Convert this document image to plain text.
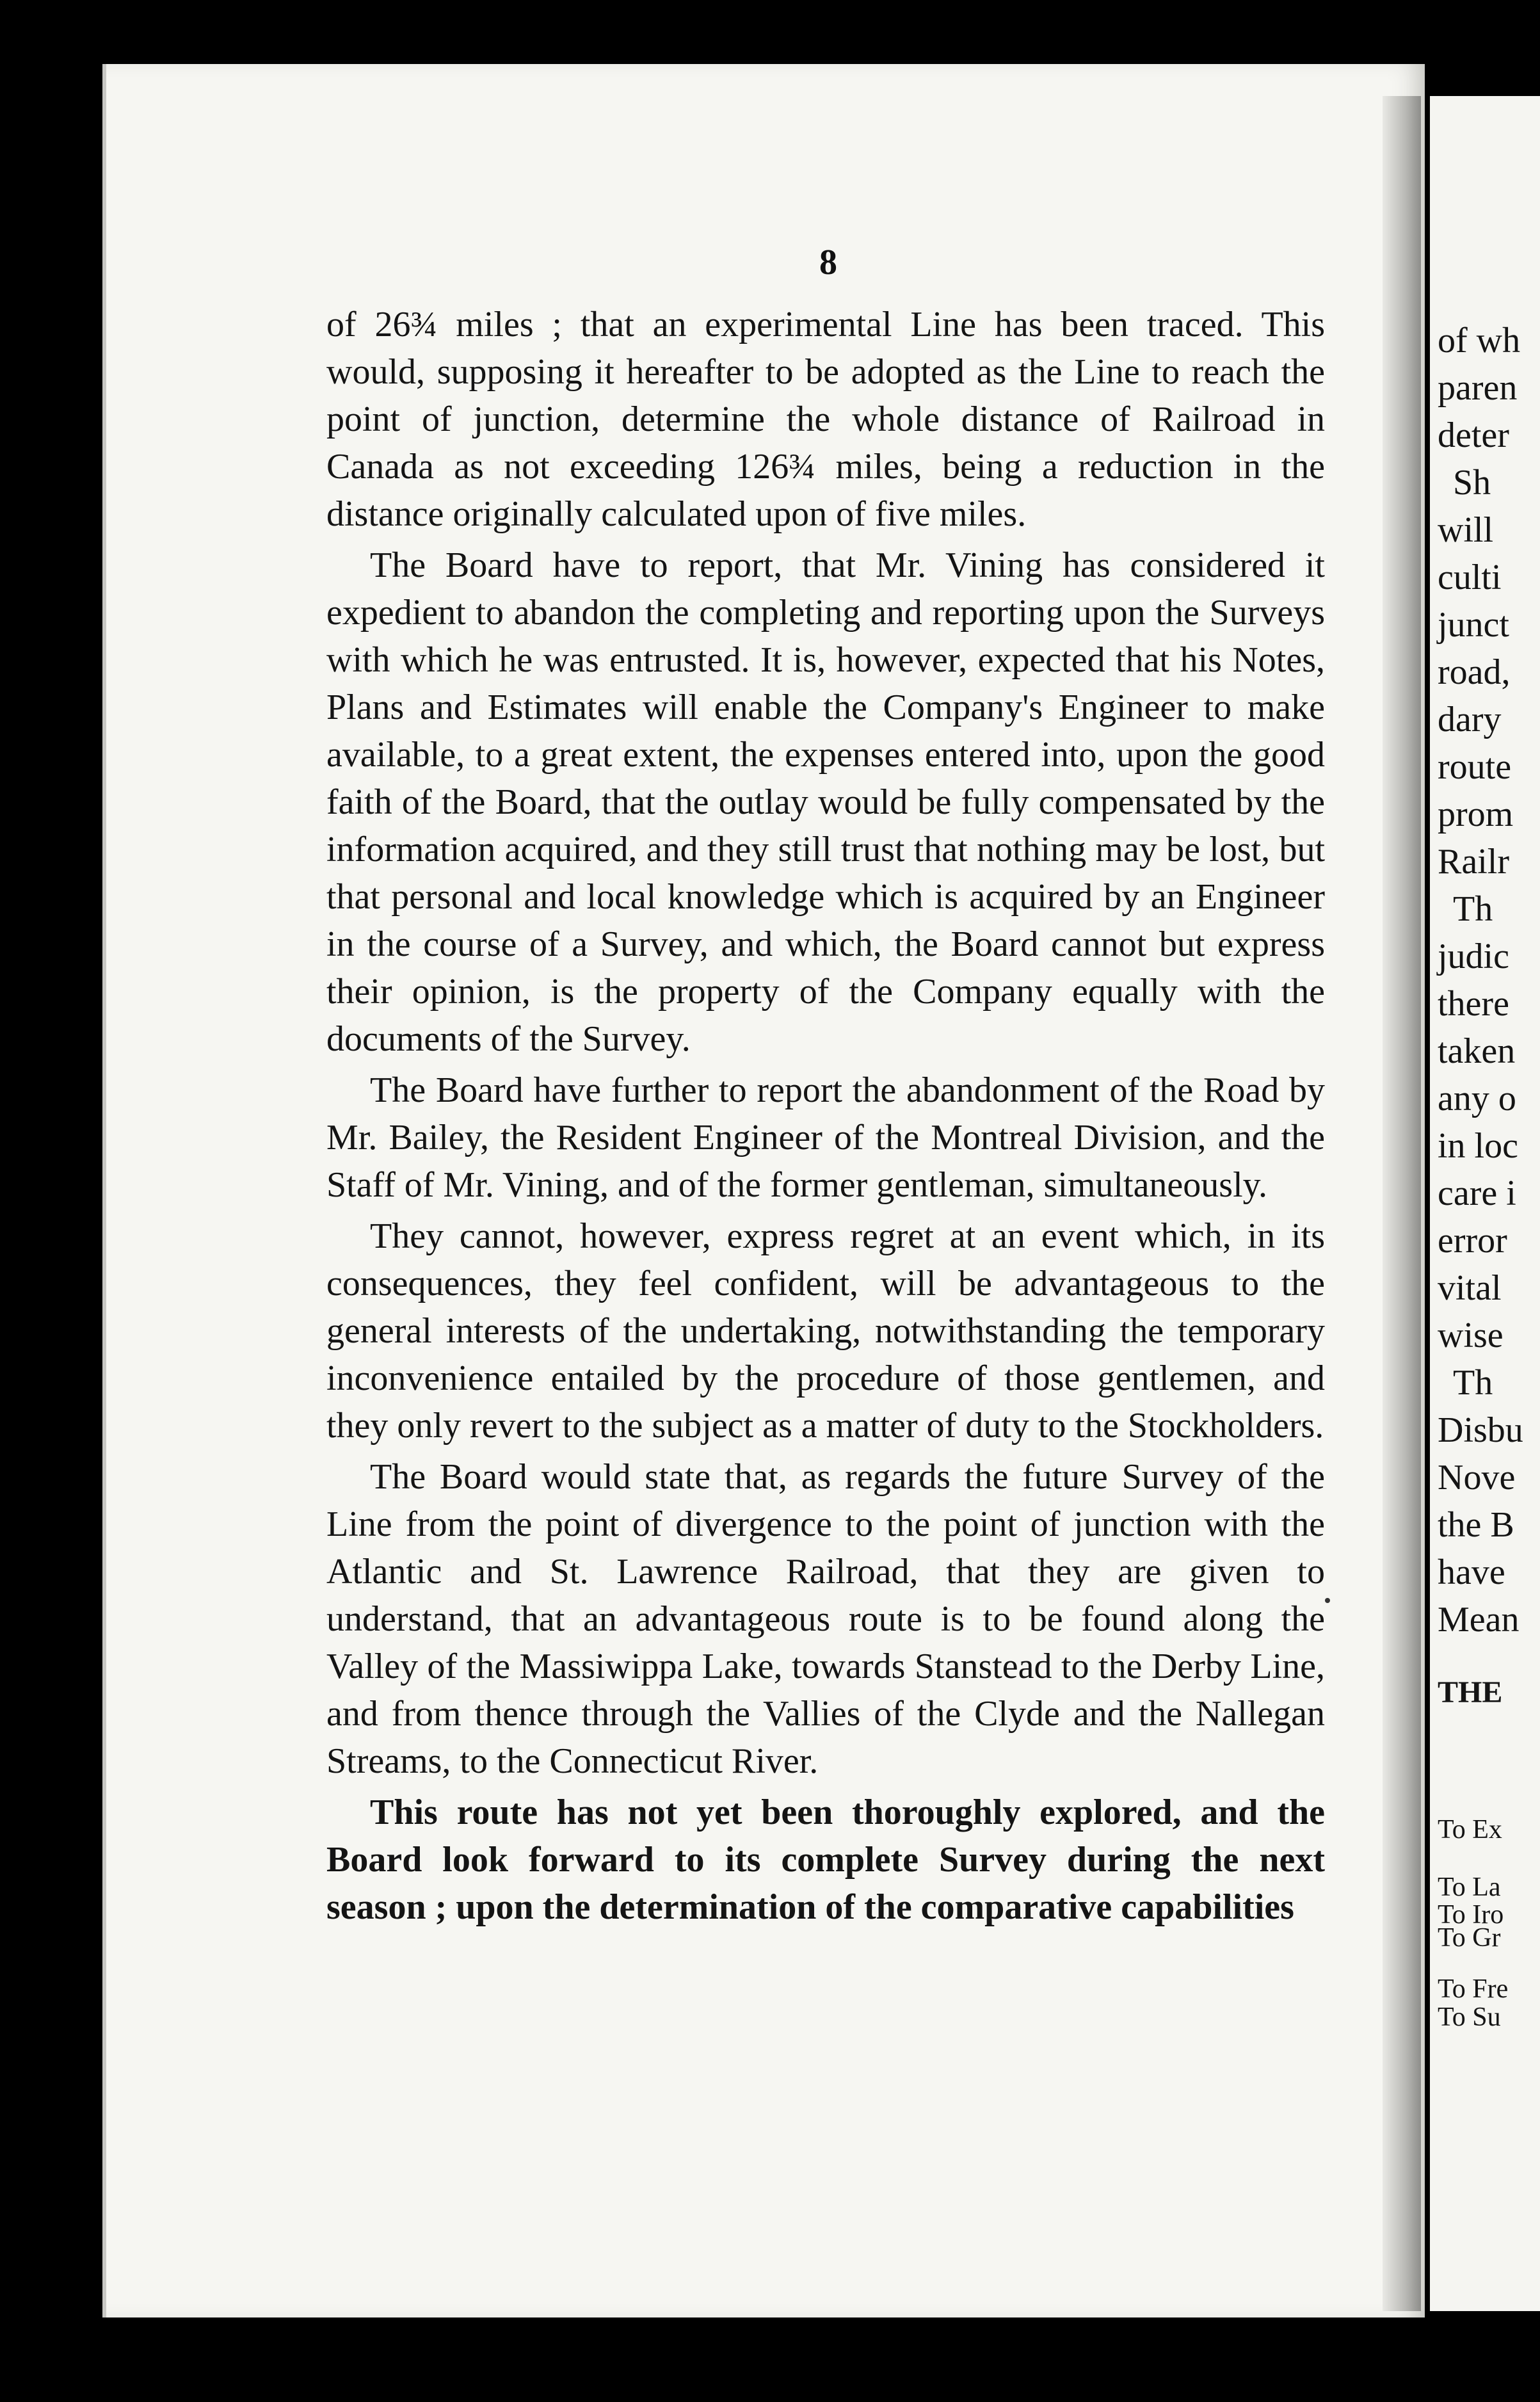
of wh
paren
deter
Sh
will
culti
junct
road,
dary
route
prom
Railr
Th
judic
there
taken
any o
in loc
care i
error
vital
wise
Th
Disbu
Nove
the B
have
Mean
THE
To Ex
To La
To Iro
To Gr
To Fre
To Su
8

of 26¾ miles ; that an experimental Line has been traced. This would, supposing it hereafter to be adopted as the Line to reach the point of junction, determine the whole distance of Railroad in Canada as not exceeding 126¾ miles, being a reduction in the distance originally calculated upon of five miles.

The Board have to report, that Mr. Vining has considered it expedient to abandon the completing and reporting upon the Surveys with which he was entrusted. It is, however, expected that his Notes, Plans and Estimates will enable the Company's Engineer to make available, to a great extent, the expenses entered into, upon the good faith of the Board, that the outlay would be fully compensated by the information acquired, and they still trust that nothing may be lost, but that personal and local knowledge which is acquired by an Engineer in the course of a Survey, and which, the Board cannot but express their opinion, is the property of the Company equally with the documents of the Survey.

The Board have further to report the abandonment of the Road by Mr. Bailey, the Resident Engineer of the Montreal Division, and the Staff of Mr. Vining, and of the former gentleman, simultaneously.

They cannot, however, express regret at an event which, in its consequences, they feel confident, will be advantageous to the general interests of the undertaking, notwithstanding the temporary inconvenience entailed by the procedure of those gentlemen, and they only revert to the subject as a matter of duty to the Stockholders.

The Board would state that, as regards the future Survey of the Line from the point of divergence to the point of junction with the Atlantic and St. Lawrence Railroad, that they are given to understand, that an advantageous route is to be found along the Valley of the Massiwippa Lake, towards Stanstead to the Derby Line, and from thence through the Vallies of the Clyde and the Nallegan Streams, to the Connecticut River.

This route has not yet been thoroughly explored, and the Board look forward to its complete Survey during the next season ; upon the determination of the comparative capabilities
